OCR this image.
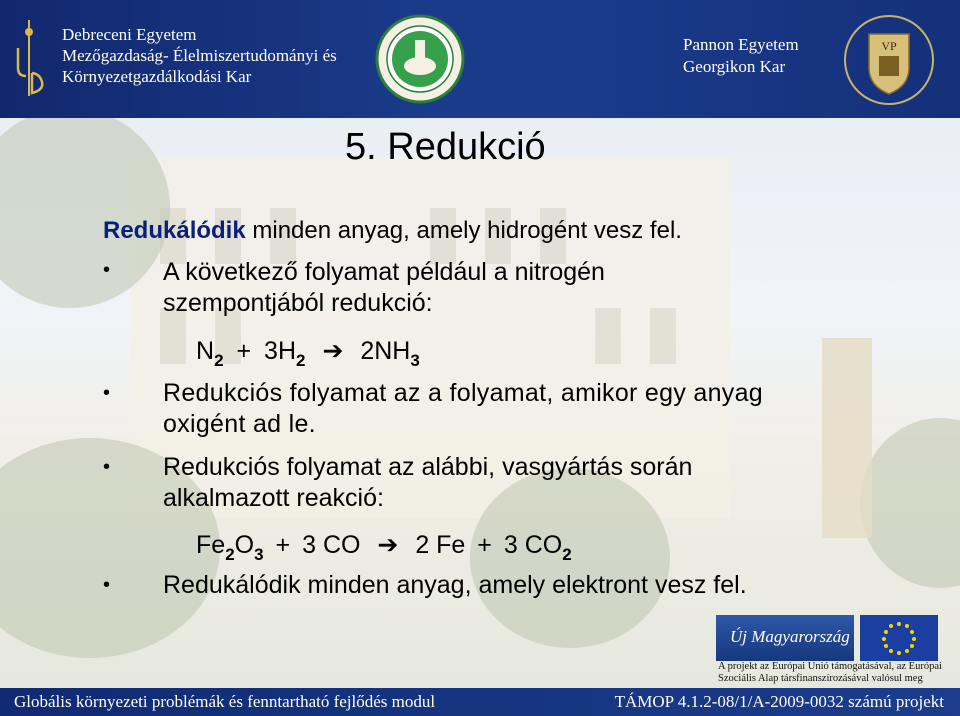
Debreceni Egyetem
Mezőgazdaság- Élelmiszertudományi és
Környezetgazdálkodási Kar
Pannon Egyetem
Georgikon Kar
VP
5. Redukció
Redukálódik minden anyag, amely hidrogént vesz fel.
• A következő folyamat például a nitrogén
szempontjából redukció:
$N_2 + 3H_2$ ➔ $2NH_3$
• Redukciós folyamat az a folyamat, amikor egy anyag
oxigént ad le.
• Redukciós folyamat az alábbi, vasgyártás során
alkalmazott reakció:
$Fe_2O_3 + 3$ CO ➔ 2 Fe + 3 $CO_2$
• Redukálódik minden anyag, amely elektront vesz fel.
Új Magyarország
A projekt az Európai Unió támogatásával, az Európai
Szociális Alap társfinanszírozásával valósul meg
Globális környezeti problémák és fenntartható fejlődés modul	TÁMOP 4.1.2-08/1/A-2009-0032 számú projekt
